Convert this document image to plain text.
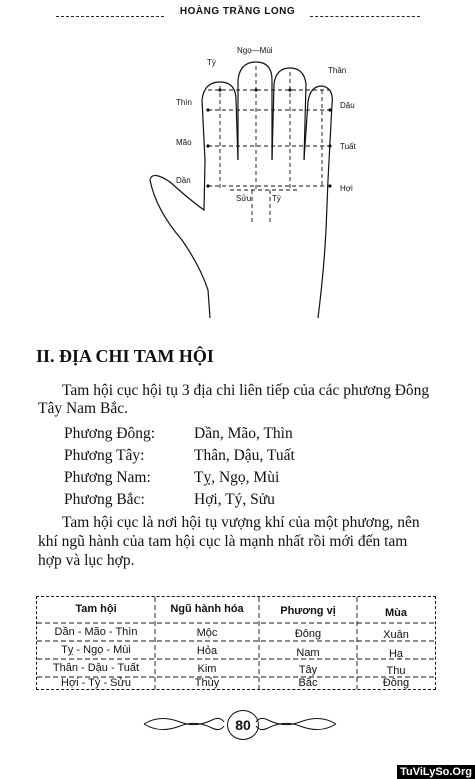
HOÀNG TRẦNG LONG
Tý
Ngọ—Mùi
Thân
Thìn	Dậu
Mão	Tuất
Dần
Hợi
Sửu	Tý
II. ĐỊA CHI TAM HỘI
Tam hội cục hội tụ 3 địa chi liên tiếp của các phương Đông
Tây Nam Bắc.
Phương Đông:	Dần, Mão, Thìn
Phương Tây:	Thân, Dậu, Tuất
Phương Nam:	Tỵ, Ngọ, Mùi
Phương Bắc:	Hợi, Tý, Sửu
Tam hội cục là nơi hội tụ vượng khí của một phương, nên
khí ngũ hành của tam hội cục là mạnh nhất rồi mới đến tam
hợp và lục hợp.
Tam hội	Ngũ hành hóa	Phương vị	Mùa
Dần - Mão - Thìn	Mộc	Đông	Xuân
Tỵ - Ngọ - Mùi	Hỏa	Nam	Hạ
Thân - Dậu - Tuất	Kim	Tây	Thu
Hợi - Tý - Sửu	Thủy	Bắc	Đông
80
TuViLySo.Org
